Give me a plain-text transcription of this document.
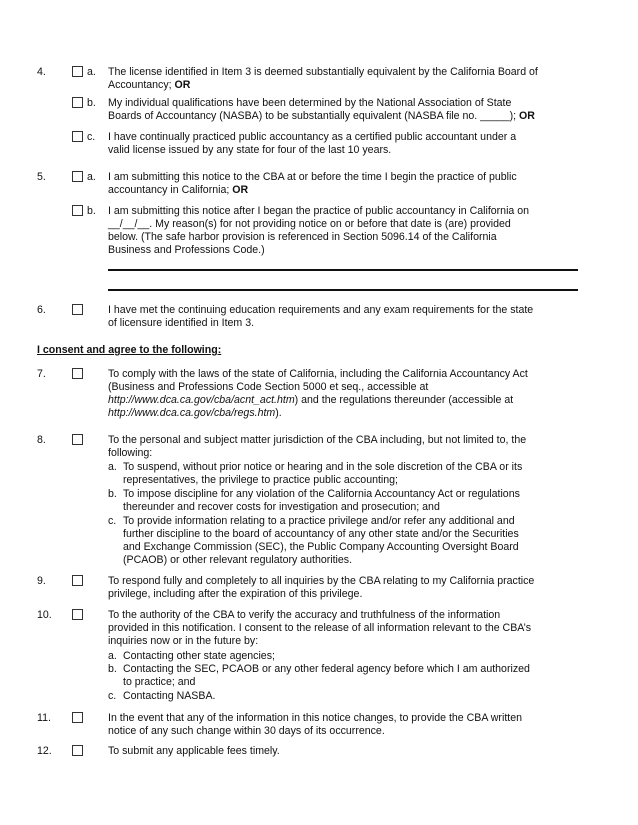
4.	a. The license identified in Item 3 is deemed substantially equivalent by the California Board of
Accountancy; OR
b. My individual qualifications have been determined by the National Association of State
Boards of Accountancy (NASBA) to be substantially equivalent (NASBA file no. _____); OR
c. I have continually practiced public accountancy as a certified public accountant under a
valid license issued by any state for four of the last 10 years.
5.	a. I am submitting this notice to the CBA at or before the time I begin the practice of public
accountancy in California; OR
b. I am submitting this notice after I began the practice of public accountancy in California on
__/__/__. My reason(s) for not providing notice on or before that date is (are) provided
below. (The safe harbor provision is referenced in Section 5096.14 of the California
Business and Professions Code.)
6.	I have met the continuing education requirements and any exam requirements for the state
of licensure identified in Item 3.
I consent and agree to the following:
7.	To comply with the laws of the state of California, including the California Accountancy Act
(Business and Professions Code Section 5000 et seq., accessible at
http://www.dca.ca.gov/cba/acnt_act.htm) and the regulations thereunder (accessible at
http://www.dca.ca.gov/cba/regs.htm).
8.	To the personal and subject matter jurisdiction of the CBA including, but not limited to, the
following:
a. To suspend, without prior notice or hearing and in the sole discretion of the CBA or its
representatives, the privilege to practice public accounting;
b. To impose discipline for any violation of the California Accountancy Act or regulations
thereunder and recover costs for investigation and prosecution; and
c. To provide information relating to a practice privilege and/or refer any additional and
further discipline to the board of accountancy of any other state and/or the Securities
and Exchange Commission (SEC), the Public Company Accounting Oversight Board
(PCAOB) or other relevant regulatory authorities.
9.	To respond fully and completely to all inquiries by the CBA relating to my California practice
privilege, including after the expiration of this privilege.
10.	To the authority of the CBA to verify the accuracy and truthfulness of the information
provided in this notification. I consent to the release of all information relevant to the CBA’s
inquiries now or in the future by:
a. Contacting other state agencies;
b. Contacting the SEC, PCAOB or any other federal agency before which I am authorized
to practice; and
c. Contacting NASBA.
11.	In the event that any of the information in this notice changes, to provide the CBA written
notice of any such change within 30 days of its occurrence.
12.	To submit any applicable fees timely.
